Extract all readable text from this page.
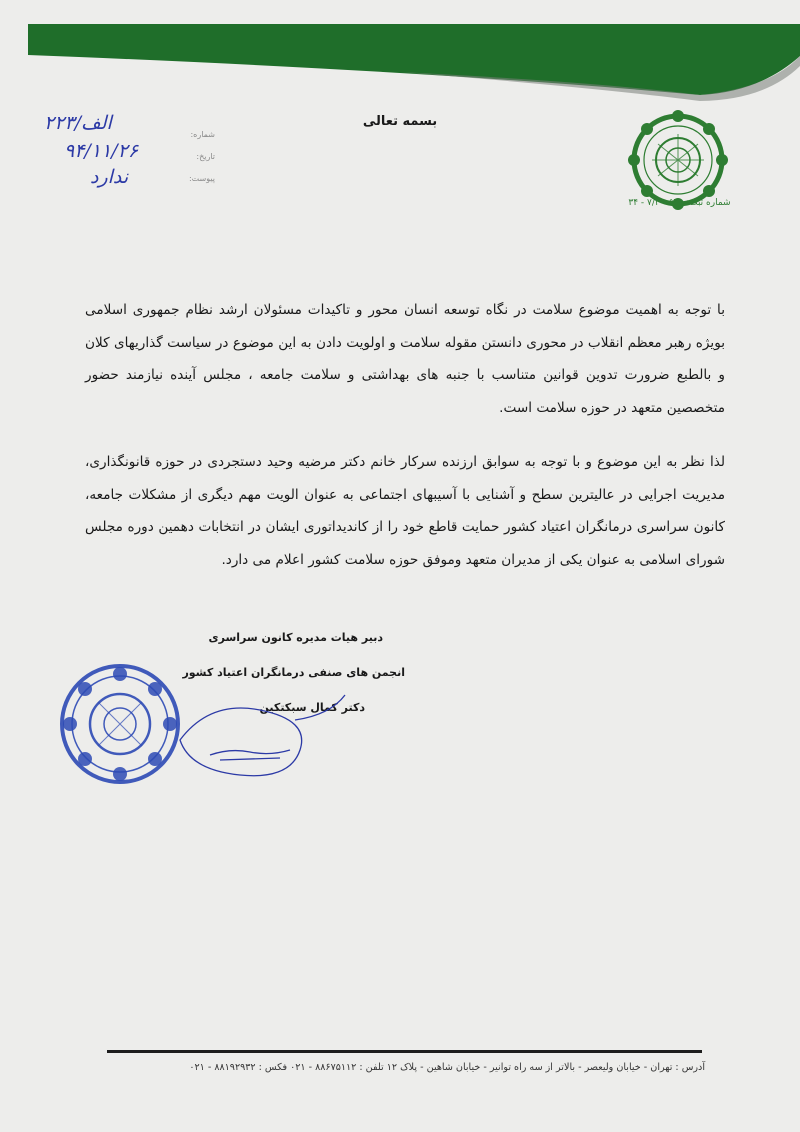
بسمه تعالی
شماره:
تاریخ:
پیوست:
الف/۲۲۳
۹۴/۱۱/۲۶
ندارد
شماره ثبت: ۵۴۰ - ۷/۲ - ۳۴

با توجه به اهمیت موضوع سلامت در نگاه توسعه انسان محور و تاکیدات مسئولان ارشد نظام جمهوری اسلامی بویژه رهبر معظم انقلاب در محوری دانستن مقوله سلامت و اولویت دادن به این موضوع در سیاست گذاریهای کلان و بالطبع ضرورت تدوین قوانین متناسب با جنبه های بهداشتی و سلامت جامعه ، مجلس آینده نیازمند حضور متخصصین متعهد در حوزه سلامت است.

لذا نظر به این موضوع و با توجه به سوابق ارزنده سرکار خانم دکتر مرضیه وحید دستجردی در حوزه قانونگذاری، مدیریت اجرایی در عالیترین سطح و آشنایی با آسیبهای اجتماعی به عنوان الویت مهم دیگری از مشکلات جامعه، کانون سراسری درمانگران اعتیاد کشور حمایت قاطع خود را از کاندیداتوری ایشان در انتخابات دهمین دوره مجلس شورای اسلامی به عنوان یکی از مدیران متعهد وموفق حوزه سلامت کشور اعلام می دارد.

دبیر هیات مدیره کانون سراسری
انجمن های صنفی درمانگران اعتیاد کشور
دکتر کمال سبکتکین
آدرس : تهران - خیابان ولیعصر - بالاتر از سه راه توانیر - خیابان شاهین - پلاک ۱۲ تلفن : ۸۸۶۷۵۱۱۲ - ۰۲۱ فکس : ۸۸۱۹۲۹۳۲ - ۰۲۱
